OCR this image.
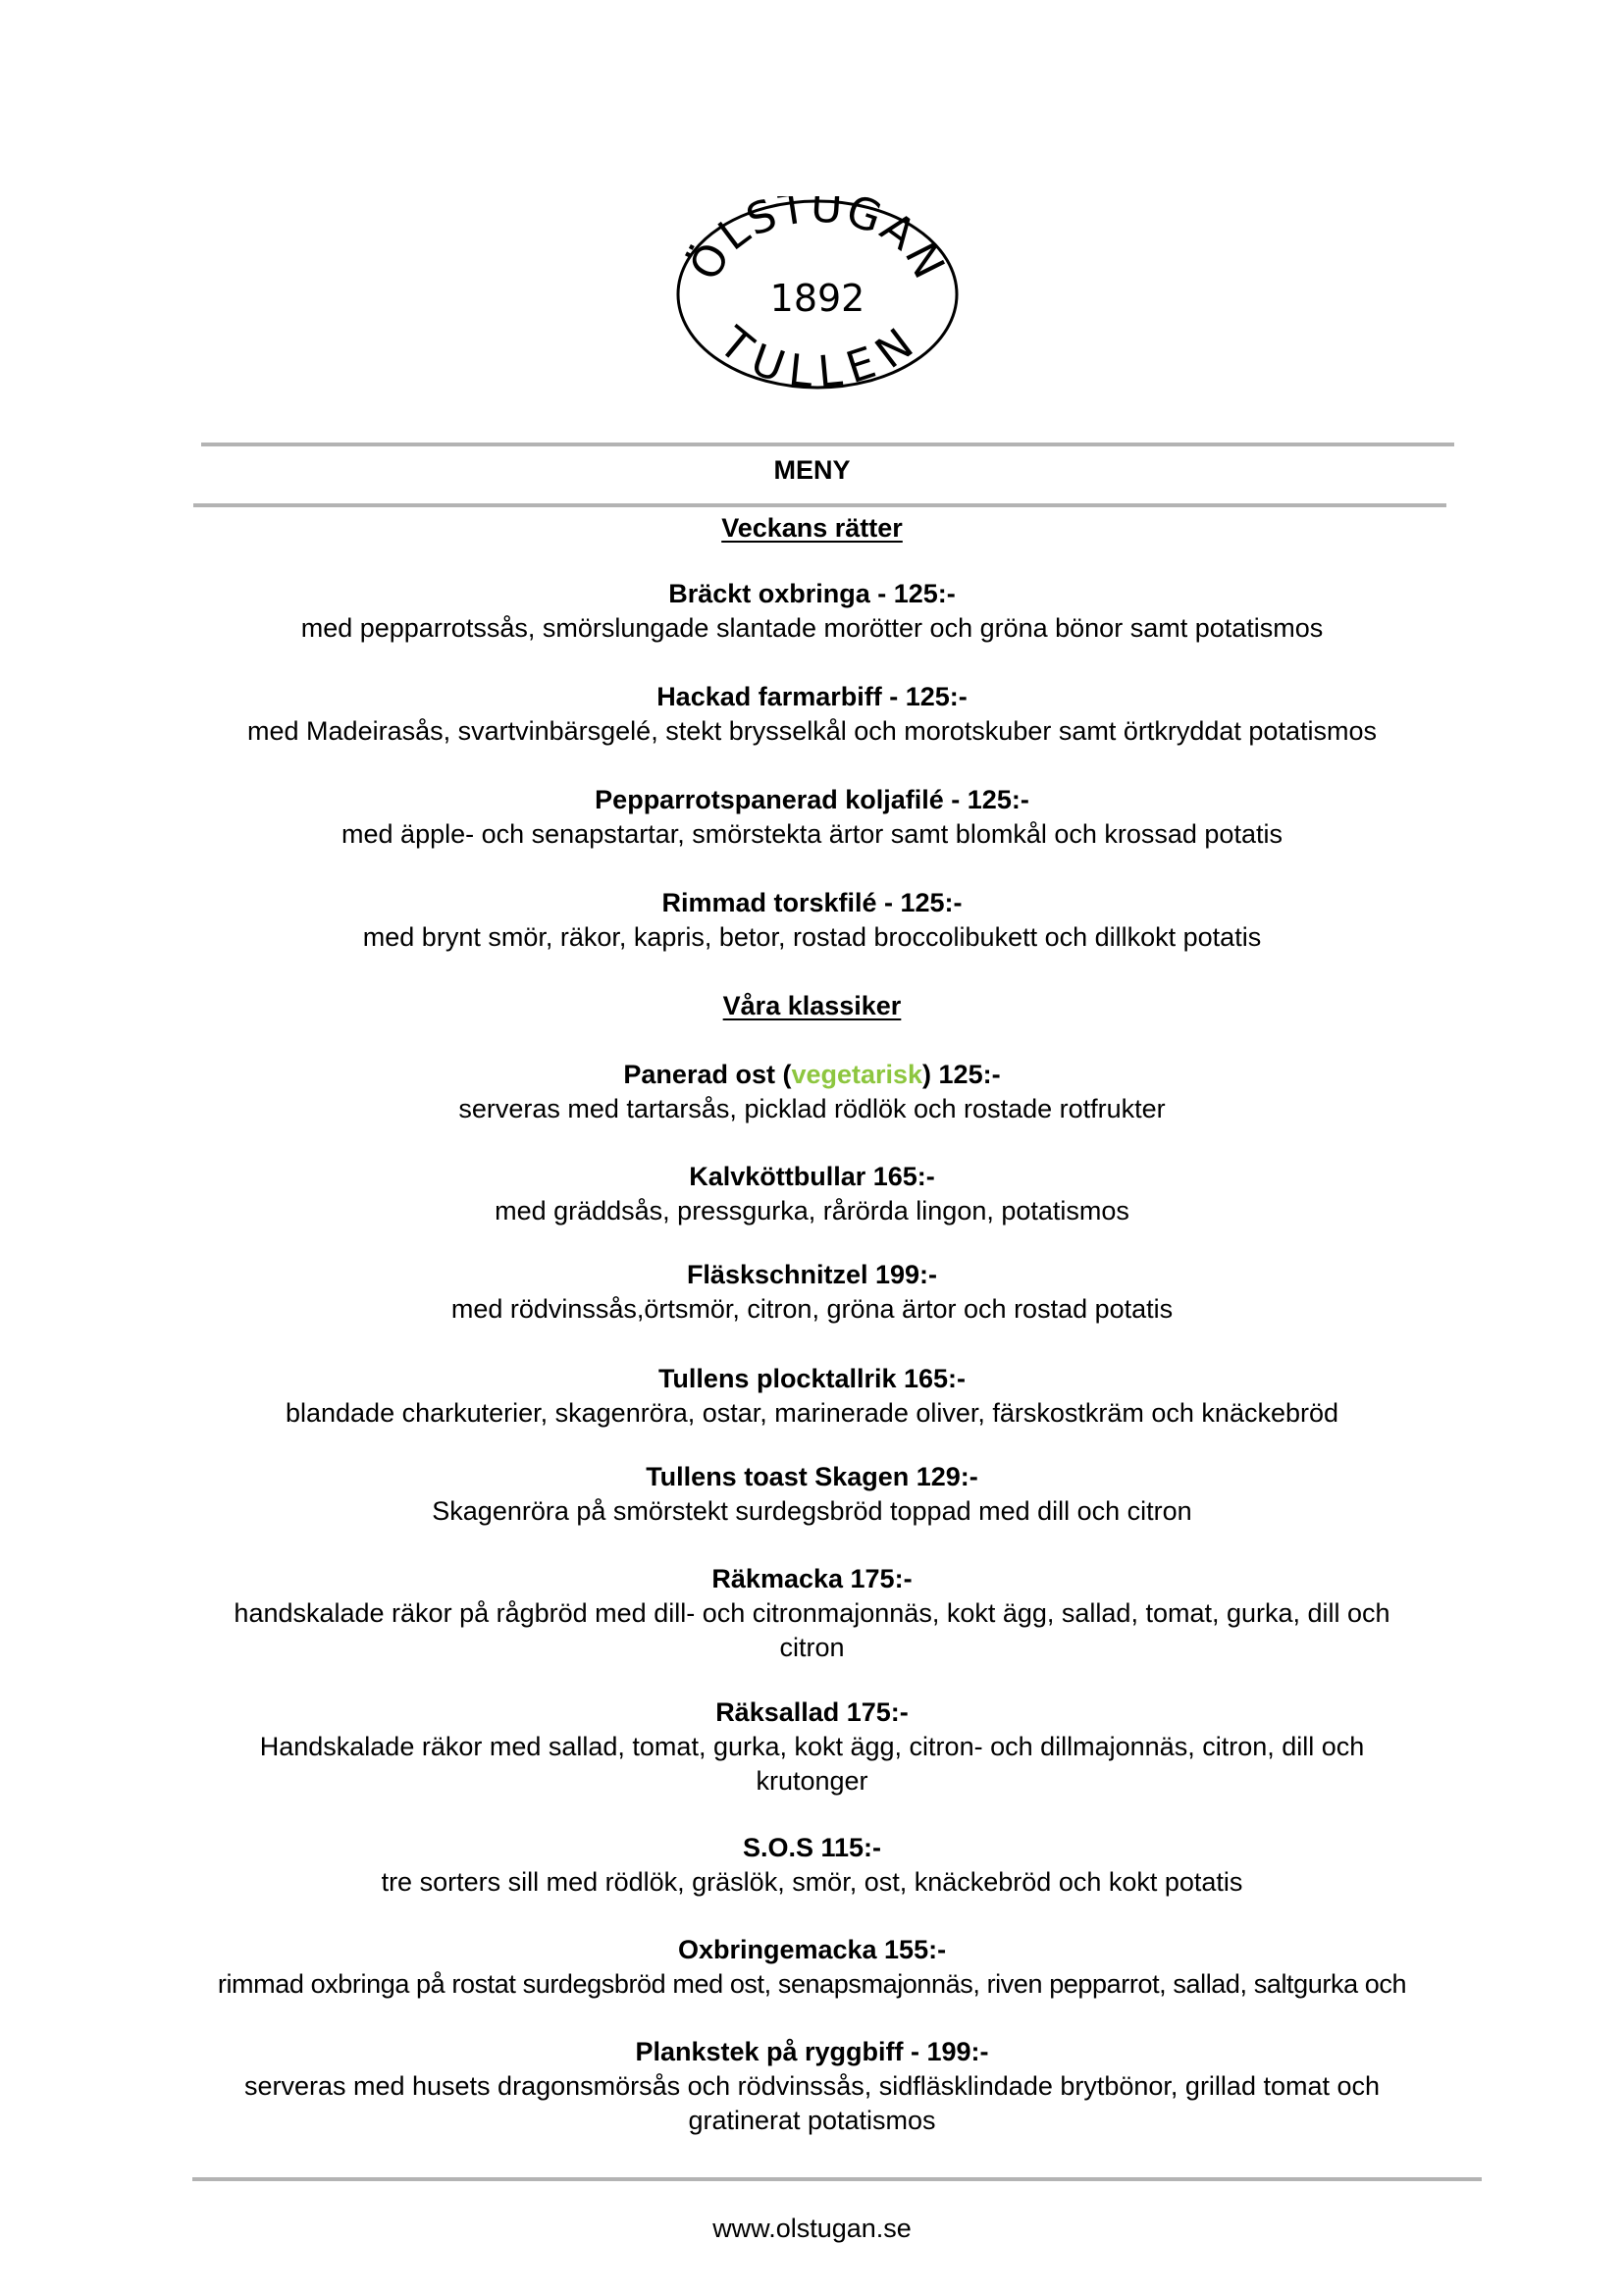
ÖLSTUGAN
1892
TULLEN
MENY
Veckans rätter
Bräckt oxbringa - 125:-
med pepparrotssås, smörslungade slantade morötter och gröna bönor samt potatismos
Hackad farmarbiff - 125:-
med Madeirasås, svartvinbärsgelé, stekt brysselkål och morotskuber samt örtkryddat potatismos
Pepparrotspanerad koljafilé - 125:-
med äpple- och senapstartar, smörstekta ärtor samt blomkål och krossad potatis
Rimmad torskfilé - 125:-
med brynt smör, räkor, kapris, betor, rostad broccolibukett och dillkokt potatis
Våra klassiker
Panerad ost (vegetarisk) 125:-
serveras med tartarsås, picklad rödlök och rostade rotfrukter
Kalvköttbullar 165:-
med gräddsås, pressgurka, rårörda lingon, potatismos
Fläskschnitzel 199:-
med rödvinssås,örtsmör, citron, gröna ärtor och rostad potatis
Tullens plocktallrik 165:-
blandade charkuterier, skagenröra, ostar, marinerade oliver, färskostkräm och knäckebröd
Tullens toast Skagen 129:-
Skagenröra på smörstekt surdegsbröd toppad med dill och citron
Räkmacka 175:-
handskalade räkor på rågbröd med dill- och citronmajonnäs, kokt ägg, sallad, tomat, gurka, dill och citron
Räksallad 175:-
Handskalade räkor med sallad, tomat, gurka, kokt ägg, citron- och dillmajonnäs, citron, dill och krutonger
S.O.S 115:-
tre sorters sill med rödlök, gräslök, smör, ost, knäckebröd och kokt potatis
Oxbringemacka 155:-
rimmad oxbringa på rostat surdegsbröd med ost, senapsmajonnäs, riven pepparrot, sallad, saltgurka och
Plankstek på ryggbiff - 199:-
serveras med husets dragonsmörsås och rödvinssås, sidfläsklindade brytbönor, grillad tomat och gratinerat potatismos
www.olstugan.se
